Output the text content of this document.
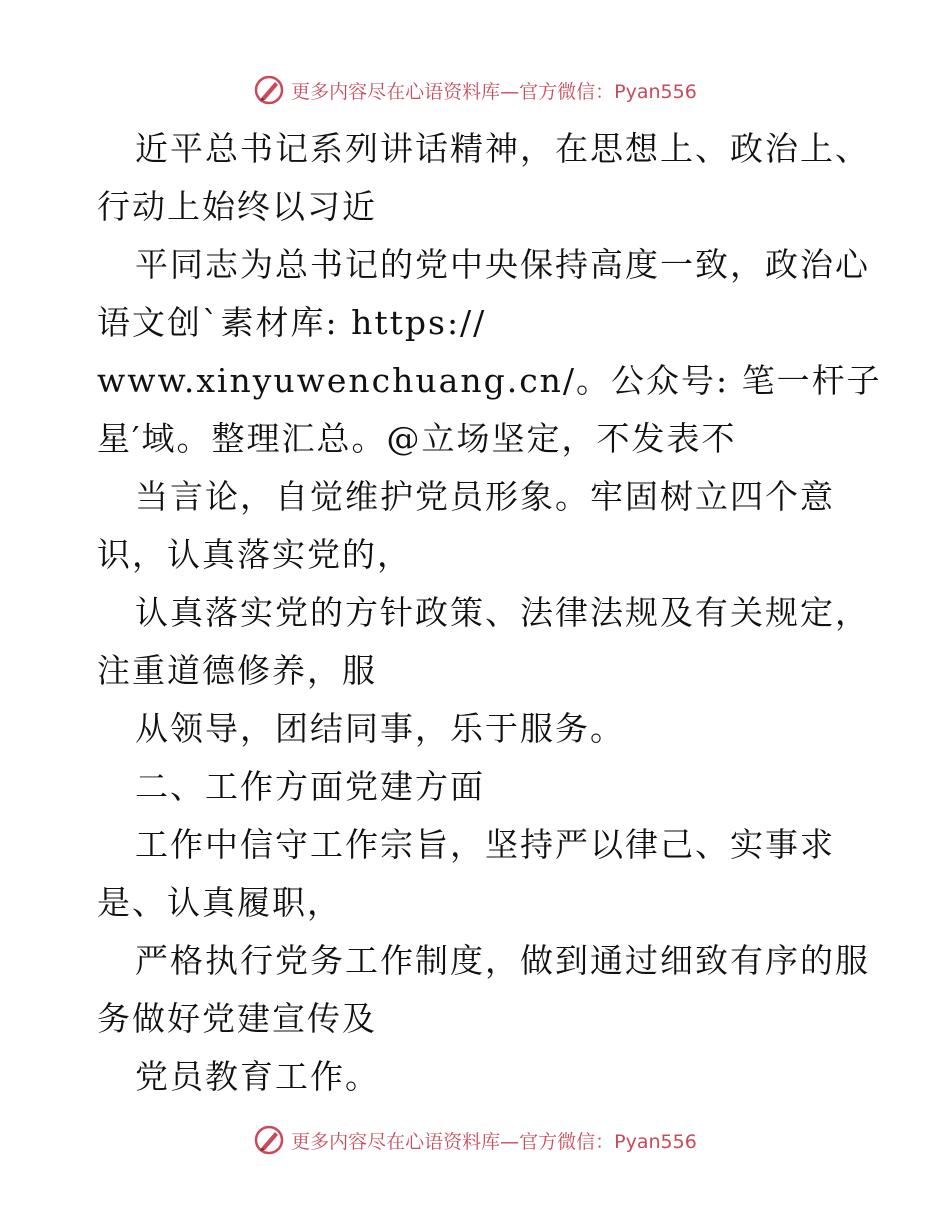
更多内容尽在心语资料库—官方微信：Pyan556
近平总书记系列讲话精神，在思想上、政治上、
行动上始终以习近
平同志为总书记的党中央保持高度一致，政治心
语文创`素材库: https://
www.xinyuwenchuang.cn/。公众号: 笔一杆子
星′域。整理汇总。@立场坚定，不发表不
当言论，自觉维护党员形象。牢固树立四个意
识，认真落实党的，
认真落实党的方针政策、法律法规及有关规定，
注重道德修养，服
从领导，团结同事，乐于服务。
二、工作方面党建方面
工作中信守工作宗旨，坚持严以律己、实事求
是、认真履职，
严格执行党务工作制度，做到通过细致有序的服
务做好党建宣传及
党员教育工作。
更多内容尽在心语资料库—官方微信：Pyan556
